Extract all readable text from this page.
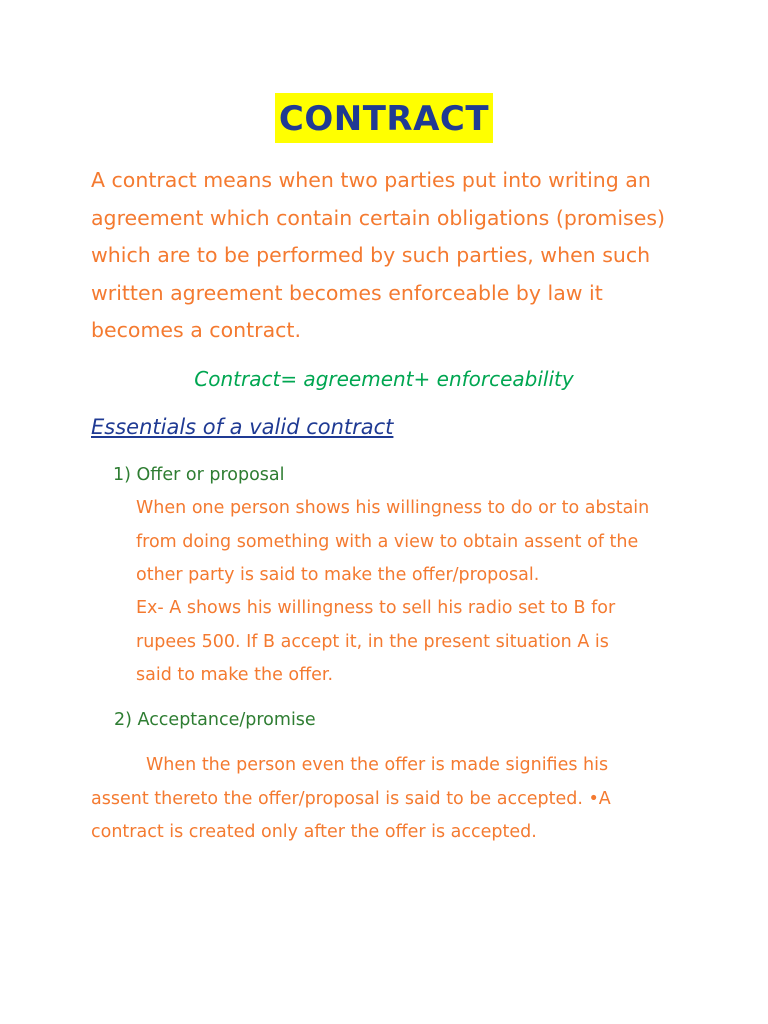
CONTRACT

A contract means when two parties put into writing an
agreement which contain certain obligations (promises)
which are to be performed by such parties, when such
written agreement becomes enforceable by law it
becomes a contract.

Contract= agreement+ enforceability
Essentials of a valid contract
1) Offer or proposal

When one person shows his willingness to do or to abstain
from doing something with a view to obtain assent of the
other party is said to make the offer/proposal.

Ex- A shows his willingness to sell his radio set to B for
rupees 500. If B accept it, in the present situation A is
said to make the offer.

2) Acceptance/promise

When the person even the offer is made signifies his
assent thereto the offer/proposal is said to be accepted. •A
contract is created only after the offer is accepted.
